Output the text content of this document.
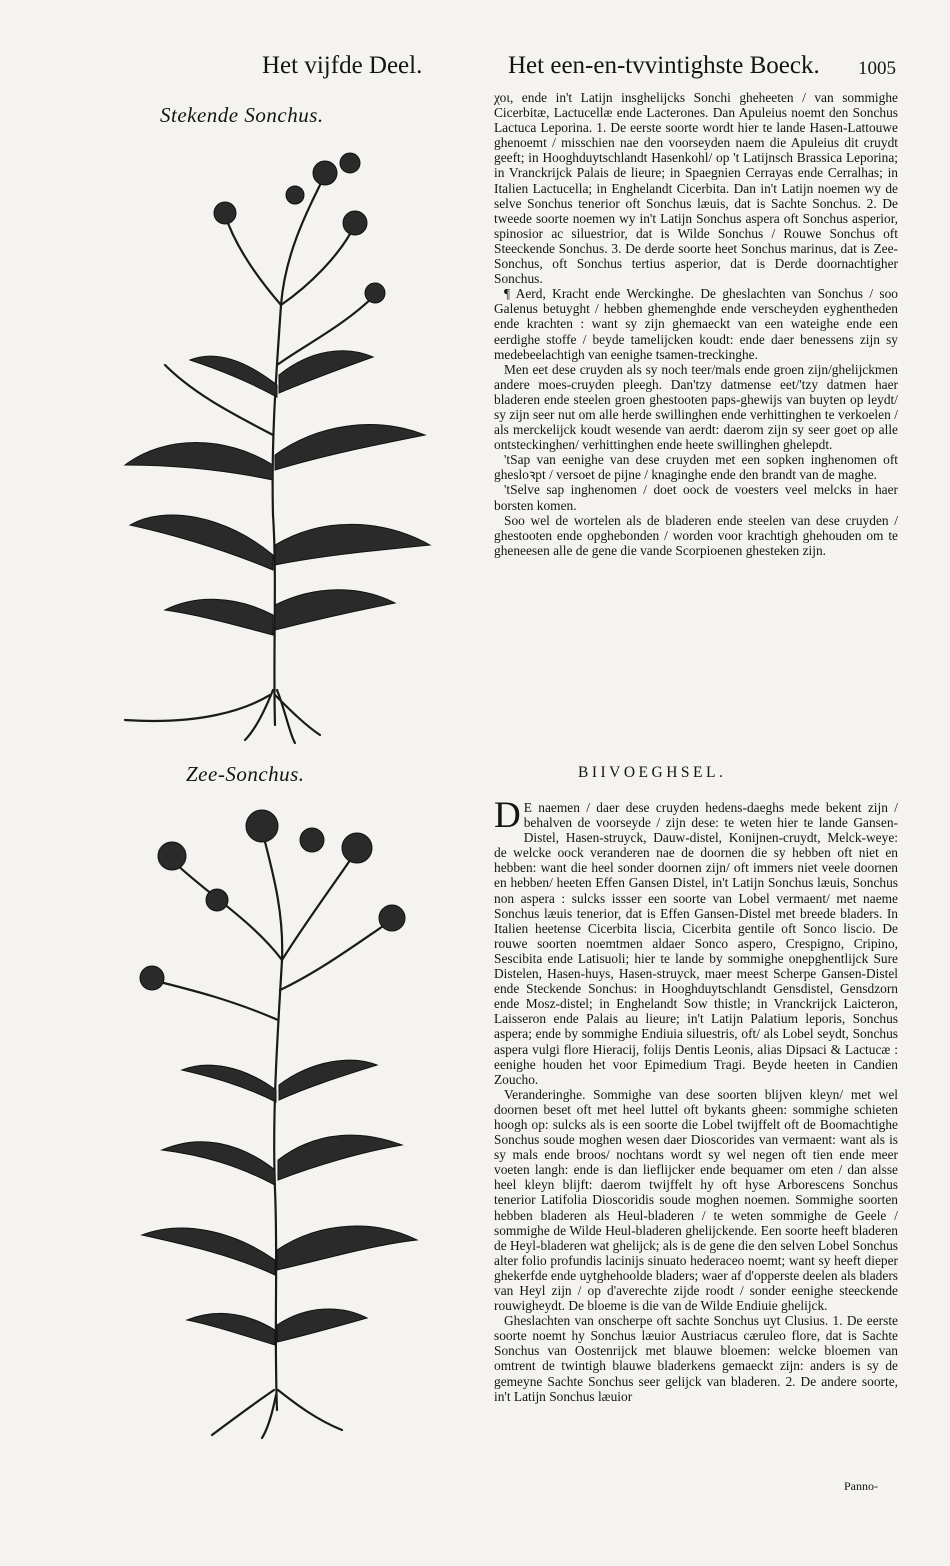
Het vijfde Deel.	Het een-en-tvvintighste Boeck. 1005
Stekende Sonchus.
Zee-Sonchus.

χοι, ende in't Latijn insghelijcks Sonchi gheheeten / van sommighe Cicerbitæ, Lactucellæ ende Lacterones. Dan Apuleius noemt den Sonchus Lactuca Leporina. 1. De eerste soorte wordt hier te lande Hasen-Lattouwe ghenoemt / misschien nae den voorseyden naem die Apuleius dit cruydt geeft; in Hooghduytschlandt Hasenkohl/ op 't Latijnsch Brassica Leporina; in Vranckrijck Palais de lieure; in Spaegnien Cerrayas ende Cerralhas; in Italien Lactucella; in Enghelandt Cicerbita. Dan in't Latijn noemen wy de selve Sonchus tenerior oft Sonchus læuis, dat is Sachte Sonchus. 2. De tweede soorte noemen wy in't Latijn Sonchus aspera oft Sonchus asperior, spinosior ac siluestrior, dat is Wilde Sonchus / Rouwe Sonchus oft Steeckende Sonchus. 3. De derde soorte heet Sonchus marinus, dat is Zee-Sonchus, oft Sonchus tertius asperior, dat is Derde doornachtigher Sonchus.

¶ Aerd, Kracht ende Werckinghe. De gheslachten van Sonchus / soo Galenus betuyght / hebben ghemenghde ende verscheyden eyghentheden ende krachten : want sy zijn ghemaeckt van een wateighe ende een eerdighe stoffe / beyde tamelijcken koudt: ende daer benessens zijn sy medebeelachtigh van eenighe tsamen-treckinghe.

Men eet dese cruyden als sy noch teer/mals ende groen zijn/ghelijckmen andere moes-cruyden pleegh. Dan'tzy datmense eet/'tzy datmen haer bladeren ende steelen groen ghestooten paps-ghewijs van buyten op leydt/ sy zijn seer nut om alle herde swillinghen ende verhittinghen te verkoelen / als merckelijck koudt wesende van aerdt: daerom zijn sy seer goet op alle ontsteckinghen/ verhittinghen ende heete swillinghen ghelepdt.

'tSap van eenighe van dese cruyden met een sopken inghenomen oft ghesloꝛpt / versoet de pijne / knaginghe ende den brandt van de maghe.

'tSelve sap inghenomen / doet oock de voesters veel melcks in haer borsten komen.

Soo wel de wortelen als de bladeren ende steelen van dese cruyden / ghestooten ende opghebonden / worden voor krachtigh ghehouden om te gheneesen alle de gene die vande Scorpioenen ghesteken zijn.

BIIVOEGHSEL.

D E naemen / daer dese cruyden hedens-daeghs mede bekent zijn / behalven de voorseyde / zijn dese: te weten hier te lande Gansen-Distel, Hasen-struyck, Dauw-distel, Konijnen-cruydt, Melck-weye: de welcke oock veranderen nae de doornen die sy hebben oft niet en hebben: want die heel sonder doornen zijn/ oft immers niet veele doornen en hebben/ heeten Effen Gansen Distel, in't Latijn Sonchus læuis, Sonchus non aspera : sulcks issser een soorte van Lobel vermaent/ met naeme Sonchus læuis tenerior, dat is Effen Gansen-Distel met breede bladers. In Italien heetense Cicerbita liscia, Cicerbita gentile oft Sonco liscio. De rouwe soorten noemtmen aldaer Sonco aspero, Crespigno, Cripino, Sescibita ende Latisuoli; hier te lande by sommighe onepghentlijck Sure Distelen, Hasen-huys, Hasen-struyck, maer meest Scherpe Gansen-Distel ende Steckende Sonchus: in Hooghduytschlandt Gensdistel, Gensdzorn ende Mosz-distel; in Enghelandt Sow thistle; in Vranckrijck Laicteron, Laisseron ende Palais au lieure; in't Latijn Palatium leporis, Sonchus aspera; ende by sommighe Endiuia siluestris, oft/ als Lobel seydt, Sonchus aspera vulgi flore Hieracij, folijs Dentis Leonis, alias Dipsaci & Lactucæ : eenighe houden het voor Epimedium Tragi. Beyde heeten in Candien Zoucho.

Veranderinghe. Sommighe van dese soorten blijven kleyn/ met wel doornen beset oft met heel luttel oft bykants gheen: sommighe schieten hoogh op: sulcks als is een soorte die Lobel twijffelt oft de Boomachtighe Sonchus soude moghen wesen daer Dioscorides van vermaent: want als is sy mals ende broos/ nochtans wordt sy wel negen oft tien ende meer voeten langh: ende is dan lieflijcker ende bequamer om eten / dan alsse heel kleyn blijft: daerom twijffelt hy oft hyse Arborescens Sonchus tenerior Latifolia Dioscoridis soude moghen noemen. Sommighe soorten hebben bladeren als Heul-bladeren / te weten sommighe de Geele / sommighe de Wilde Heul-bladeren ghelijckende. Een soorte heeft bladeren de Heyl-bladeren wat ghelijck; als is de gene die den selven Lobel Sonchus alter folio profundis lacinijs sinuato hederaceo noemt; want sy heeft dieper ghekerfde ende uytghehoolde bladers; waer af d'opperste deelen als bladers van Heyl zijn / op d'averechte zijde roodt / sonder eenighe steeckende rouwigheydt. De bloeme is die van de Wilde Endiuie ghelijck.

Gheslachten van onscherpe oft sachte Sonchus uyt Clusius. 1. De eerste soorte noemt hy Sonchus læuior Austriacus cæruleo flore, dat is Sachte Sonchus van Oostenrijck met blauwe bloemen: welcke bloemen van omtrent de twintigh blauwe bladerkens gemaeckt zijn: anders is sy de gemeyne Sachte Sonchus seer gelijck van bladeren. 2. De andere soorte, in't Latijn Sonchus læuior

Panno-
